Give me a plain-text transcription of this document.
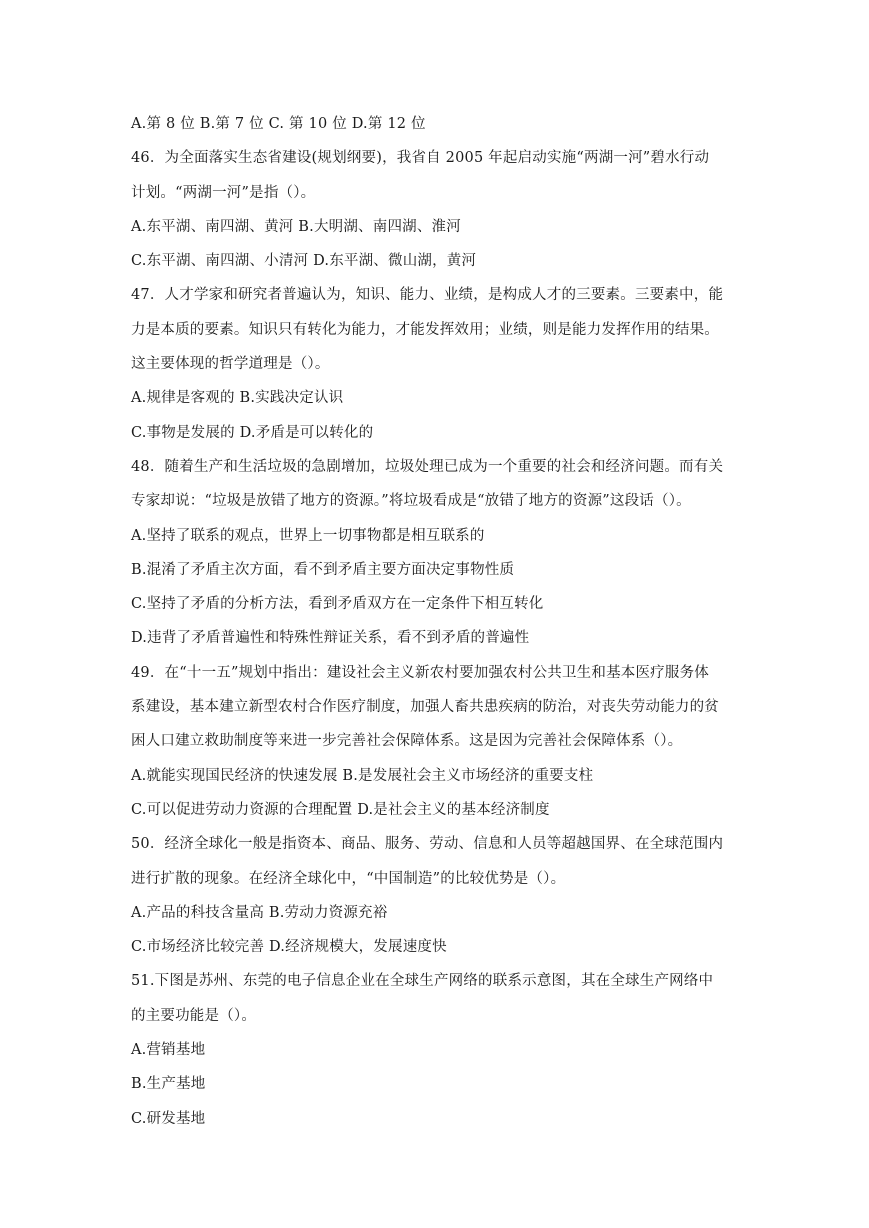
A.第 8 位 B.第 7 位 C. 第 10 位 D.第 12 位
46．为全面落实生态省建设(规划纲要)，我省自 2005 年起启动实施“两湖一河”碧水行动
计划。“两湖一河”是指（）。
A.东平湖、南四湖、黄河 B.大明湖、南四湖、淮河
C.东平湖、南四湖、小清河 D.东平湖、微山湖，黄河
47．人才学家和研究者普遍认为，知识、能力、业绩，是构成人才的三要素。三要素中，能
力是本质的要素。知识只有转化为能力，才能发挥效用；业绩，则是能力发挥作用的结果。
这主要体现的哲学道理是（）。
A.规律是客观的 B.实践决定认识
C.事物是发展的 D.矛盾是可以转化的
48．随着生产和生活垃圾的急剧增加，垃圾处理已成为一个重要的社会和经济问题。而有关
专家却说：“垃圾是放错了地方的资源。”将垃圾看成是“放错了地方的资源”这段话（）。
A.坚持了联系的观点，世界上一切事物都是相互联系的
B.混淆了矛盾主次方面，看不到矛盾主要方面决定事物性质
C.坚持了矛盾的分析方法，看到矛盾双方在一定条件下相互转化
D.违背了矛盾普遍性和特殊性辩证关系，看不到矛盾的普遍性
49．在“十一五”规划中指出：建设社会主义新农村要加强农村公共卫生和基本医疗服务体
系建设，基本建立新型农村合作医疗制度，加强人畜共患疾病的防治，对丧失劳动能力的贫
困人口建立救助制度等来进一步完善社会保障体系。这是因为完善社会保障体系（）。
A.就能实现国民经济的快速发展 B.是发展社会主义市场经济的重要支柱
C.可以促进劳动力资源的合理配置 D.是社会主义的基本经济制度
50．经济全球化一般是指资本、商品、服务、劳动、信息和人员等超越国界、在全球范围内
进行扩散的现象。在经济全球化中，“中国制造”的比较优势是（）。
A.产品的科技含量高 B.劳动力资源充裕
C.市场经济比较完善 D.经济规模大，发展速度快
51.下图是苏州、东莞的电子信息企业在全球生产网络的联系示意图，其在全球生产网络中
的主要功能是（）。
A.营销基地
B.生产基地
C.研发基地
